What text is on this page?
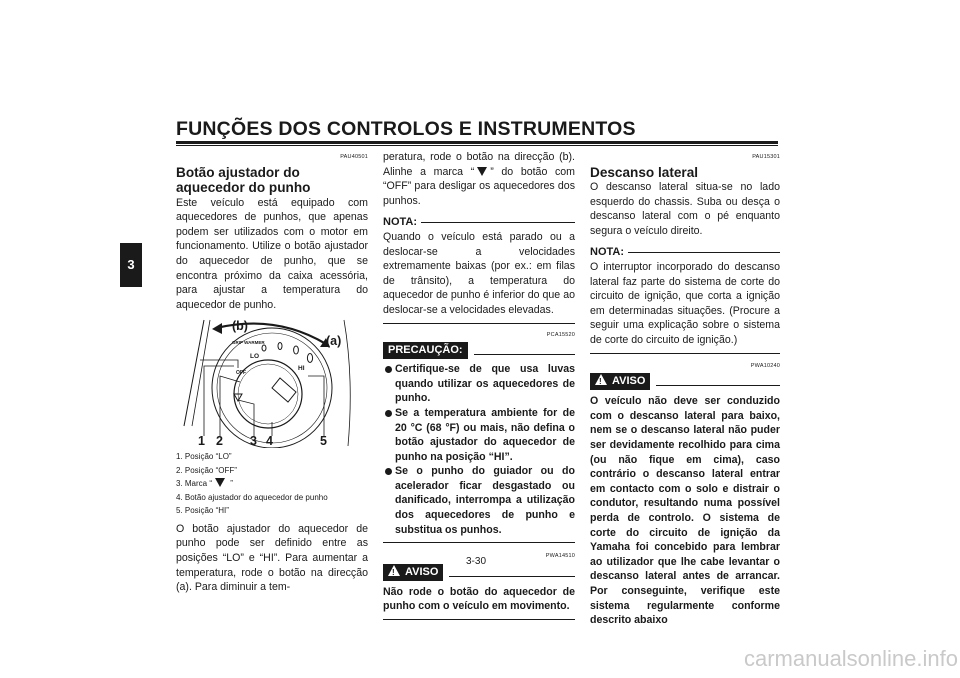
FUNÇÕES DOS CONTROLOS E INSTRUMENTOS
3
PAU40501
Botão ajustador do aquecedor do punho

Este veículo está equipado com aquecedores de punhos, que apenas podem ser utilizados com o motor em funcionamento. Utilize o botão ajustador do aquecedor de punho, que se encontra próximo da caixa acessória, para ajustar a temperatura do aquecedor de punho.

(b)
(a)
GRIP WARMER
LO
OFF
HI
1 2 3 4	5
1. Posição “LO”
2. Posição “OFF”
3. Marca “ ”
4. Botão ajustador do aquecedor de punho
5. Posição “HI”

O botão ajustador do aquecedor de punho pode ser definido entre as posições “LO” e “HI”. Para aumentar a temperatura, rode o botão na direcção (a). Para diminuir a tem-

peratura, rode o botão na direcção (b). Alinhe a marca “ ” do botão com “OFF” para desligar os aquecedores dos punhos.

NOTA:

Quando o veículo está parado ou a deslocar-se a velocidades extremamente baixas (por ex.: em filas de trânsito), a temperatura do aquecedor de punho é inferior do que ao deslocar-se a velocidades elevadas.

PCA15520
PRECAUÇÃO:
Certifique-se de que usa luvas quando utilizar os aquecedores de punho.
Se a temperatura ambiente for de 20 °C (68 °F) ou mais, não defina o botão ajustador do aquecedor de punho na posição “HI”.
Se o punho do guiador ou do acelerador ficar desgastado ou danificado, interrompa a utilização dos aquecedores de punho e substitua os punhos.
PWA14510
!AVISO

Não rode o botão do aquecedor de punho com o veículo em movimento.

PAU15301
Descanso lateral

O descanso lateral situa-se no lado esquerdo do chassis. Suba ou desça o descanso lateral com o pé enquanto segura o veículo direito.

NOTA:

O interruptor incorporado do descanso lateral faz parte do sistema de corte do circuito de ignição, que corta a ignição em determinadas situações. (Procure a seguir uma explicação sobre o sistema de corte do circuito de ignição.)

PWA10240
!AVISO

O veículo não deve ser conduzido com o descanso lateral para baixo, nem se o descanso lateral não puder ser devidamente recolhido para cima (ou não fique em cima), caso contrário o descanso lateral entrar em contacto com o solo e distrair o condutor, resultando numa possível perda de controlo. O sistema de corte do circuito de ignição da Yamaha foi concebido para lembrar ao utilizador que lhe cabe levantar o descanso lateral antes de arrancar. Por conseguinte, verifique este sistema regularmente conforme descrito abaixo

3-30
carmanualsonline.info
